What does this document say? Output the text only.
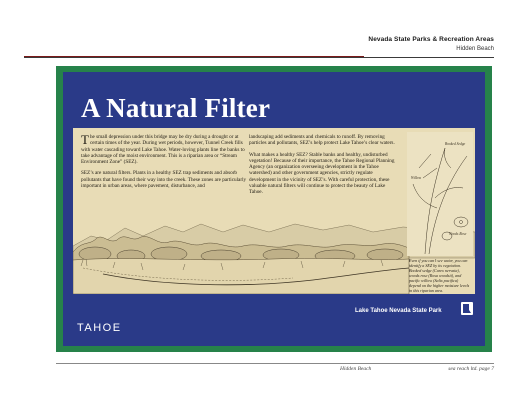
Nevada State Parks & Recreation Areas
Hidden Beach
A Natural Filter

The small depression under this bridge may be dry during a drought or at certain times of the year. During wet periods, however, Tunnel Creek fills with water cascading toward Lake Tahoe. Water-loving plants line the banks to take advantage of the moist environment. This is a riparian area or “Stream Environment Zone” (SEZ).

SEZ’s are natural filters. Plants in a healthy SEZ trap sediments and absorb pollutants that have found their way into the creek. These zones are particularly important in urban areas, where pavement, disturbance, and

landscaping add sediments and chemicals to runoff. By removing particles and pollutants, SEZ’s help protect Lake Tahoe’s clear waters.

What makes a healthy SEZ? Stable banks and healthy, undisturbed vegetation! Because of their importance, the Tahoe Regional Planning Agency (an organization overseeing development in the Tahoe watershed) and other government agencies, strictly regulate development in the vicinity of SEZ’s. With careful protection, these valuable natural filters will continue to protect the beauty of Lake Tahoe.

Booked Sedge
Willow
Woods Rose
Even if you can’t see water, you can identify a SEZ by its vegetation. Booked sedge (Carex nervata), woods rose (Rosa woodsii), and pacific willow (Salix pacifica) depend on the higher moisture levels in this riparian area.
TAHOE
Lake Tahoe Nevada State Park
Hidden Beach	sea reach ltd. page 7
